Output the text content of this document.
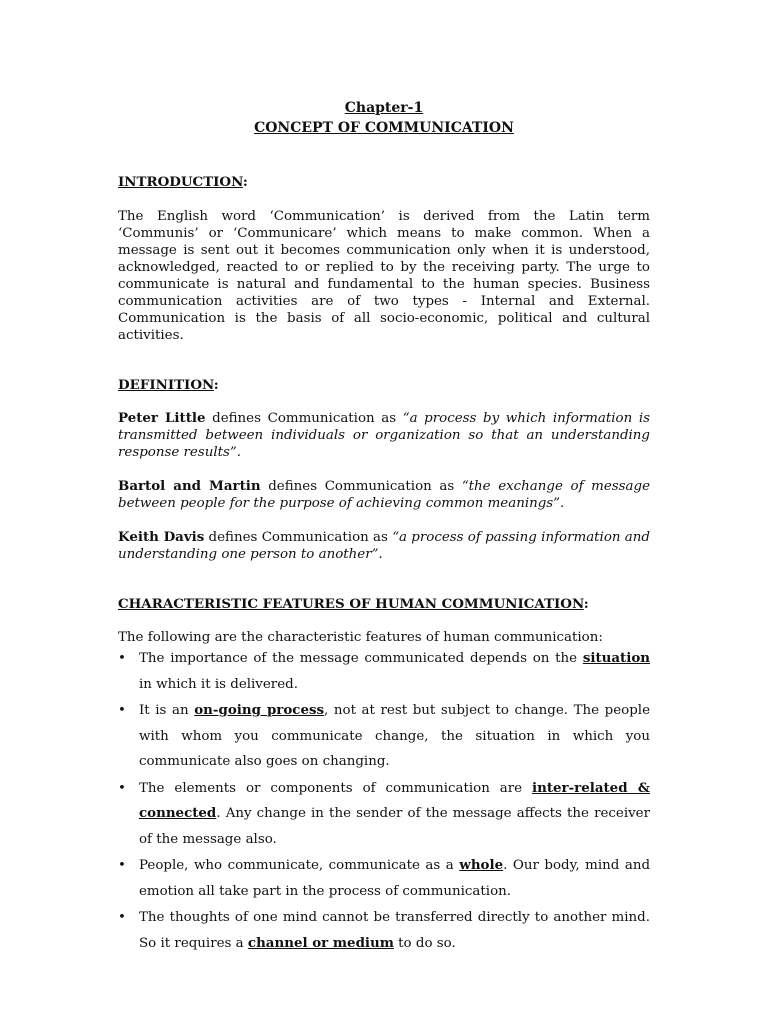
Chapter-1
CONCEPT OF COMMUNICATION
INTRODUCTION:

The English word ‘Communication’ is derived from the Latin term ‘Communis’ or ‘Communicare’ which means to make common. When a message is sent out it becomes communication only when it is understood, acknowledged, reacted to or replied to by the receiving party. The urge to communicate is natural and fundamental to the human species. Business communication activities are of two types - Internal and External. Communication is the basis of all socio-economic, political and cultural activities.

DEFINITION:

Peter Little defines Communication as “a process by which information is transmitted between individuals or organization so that an understanding response results”.

Bartol and Martin defines Communication as “the exchange of message between people for the purpose of achieving common meanings”.

Keith Davis defines Communication as “a process of passing information and understanding one person to another”.

CHARACTERISTIC FEATURES OF HUMAN COMMUNICATION:

The following are the characteristic features of human communication:

• The importance of the message communicated depends on the situation in which it is delivered.
• It is an on-going process, not at rest but subject to change. The people with whom you communicate change, the situation in which you communicate also goes on changing.
• The elements or components of communication are inter-related & connected. Any change in the sender of the message affects the receiver of the message also.
• People, who communicate, communicate as a whole. Our body, mind and emotion all take part in the process of communication.
• The thoughts of one mind cannot be transferred directly to another mind. So it requires a channel or medium to do so.
